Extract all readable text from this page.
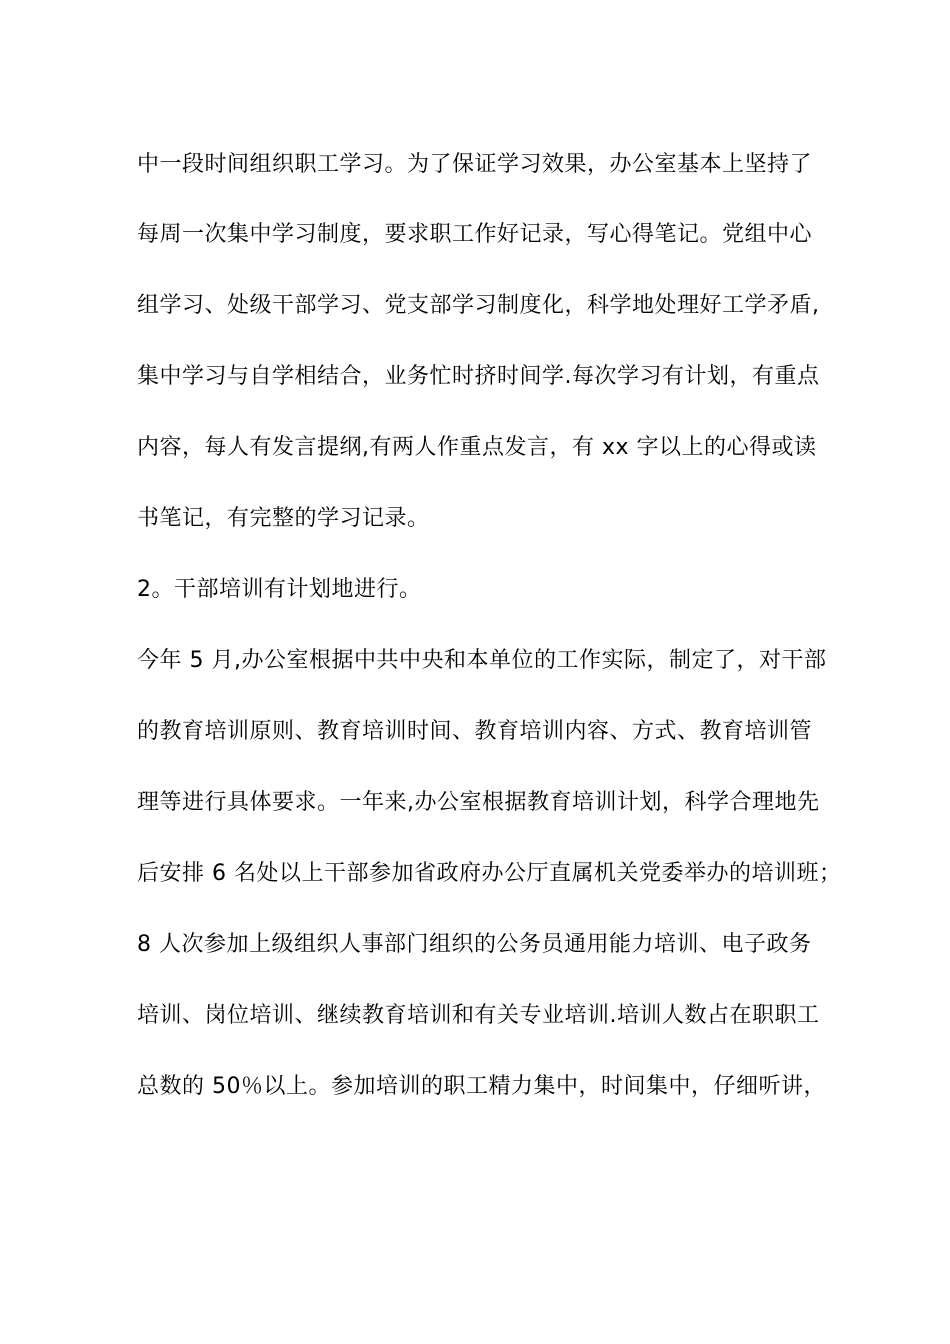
中一段时间组织职工学习。为了保证学习效果，办公室基本上坚持了
每周一次集中学习制度，要求职工作好记录，写心得笔记。党组中心
组学习、处级干部学习、党支部学习制度化，科学地处理好工学矛盾,
集中学习与自学相结合，业务忙时挤时间学.每次学习有计划，有重点
内容，每人有发言提纲,有两人作重点发言，有 xx 字以上的心得或读
书笔记，有完整的学习记录。
2。干部培训有计划地进行。
今年 5 月,办公室根据中共中央和本单位的工作实际，制定了，对干部
的教育培训原则、教育培训时间、教育培训内容、方式、教育培训管
理等进行具体要求。一年来,办公室根据教育培训计划，科学合理地先
后安排 6 名处以上干部参加省政府办公厅直属机关党委举办的培训班；
8 人次参加上级组织人事部门组织的公务员通用能力培训、电子政务
培训、岗位培训、继续教育培训和有关专业培训.培训人数占在职职工
总数的 50％以上。参加培训的职工精力集中，时间集中，仔细听讲，
